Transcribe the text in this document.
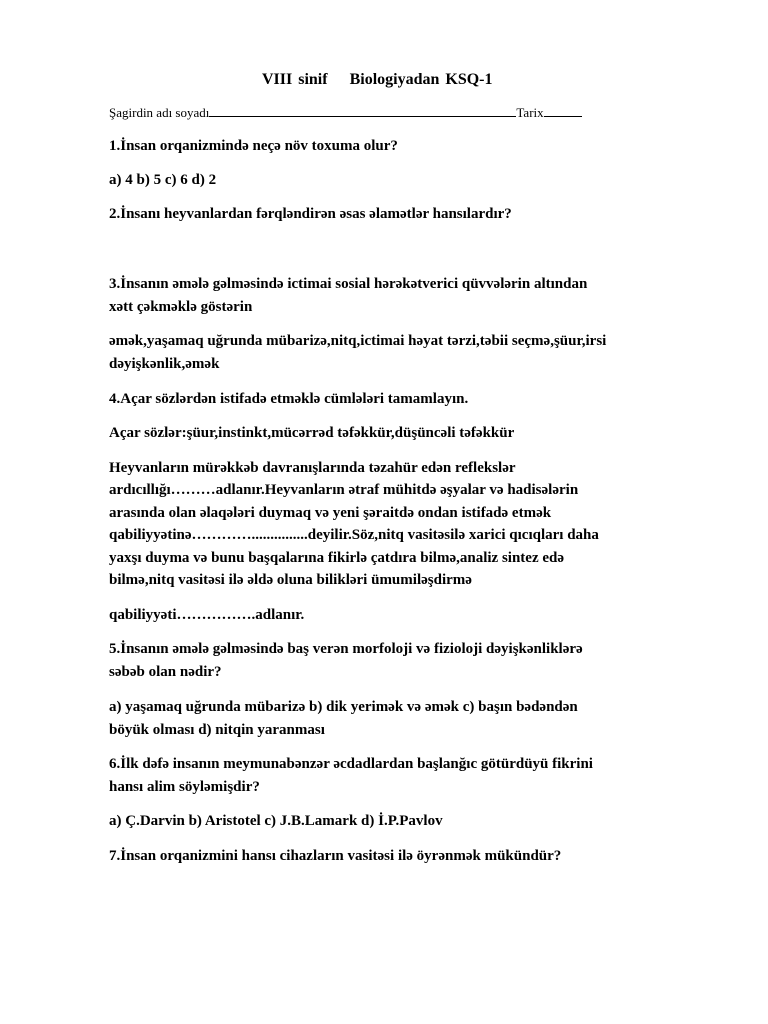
VIII sinif Biologiyadan KSQ-1
Şagirdin adı soyadı	Tarix
1.İnsan orqanizmində neçə növ toxuma olur?
a) 4 b) 5 c) 6 d) 2
2.İnsanı heyvanlardan fərqləndirən əsas əlamətlər hansılardır?
3.İnsanın əmələ gəlməsində ictimai sosial hərəkətverici qüvvələrin altından
xətt çəkməklə göstərin
əmək,yaşamaq uğrunda mübarizə,nitq,ictimai həyat tərzi,təbii seçmə,şüur,irsi
dəyişkənlik,əmək
4.Açar sözlərdən istifadə etməklə cümlələri tamamlayın.
Açar sözlər:şüur,instinkt,mücərrəd təfəkkür,düşüncəli təfəkkür
Heyvanların mürəkkəb davranışlarında təzahür edən reflekslər
ardıcıllığı………adlanır.Heyvanların ətraf mühitdə əşyalar və hadisələrin
arasında olan əlaqələri duymaq və yeni şəraitdə ondan istifadə etmək
qabiliyyətinə…………...............deyilir.Söz,nitq vasitəsilə xarici qıcıqları daha
yaxşı duyma və bunu başqalarına fikirlə çatdıra bilmə,analiz sintez edə
bilmə,nitq vasitəsi ilə əldə oluna bilikləri ümumiləşdirmə
qabiliyyəti…………….adlanır.
5.İnsanın əmələ gəlməsində baş verən morfoloji və fizioloji dəyişkənliklərə
səbəb olan nədir?
a) yaşamaq uğrunda mübarizə b) dik yerimək və əmək c) başın bədəndən
böyük olması d) nitqin yaranması
6.İlk dəfə insanın meymunabənzər əcdadlardan başlanğıc götürdüyü fikrini
hansı alim söyləmişdir?
a) Ç.Darvin b) Aristotel c) J.B.Lamark d) İ.P.Pavlov
7.İnsan orqanizmini hansı cihazların vasitəsi ilə öyrənmək mükündür?
